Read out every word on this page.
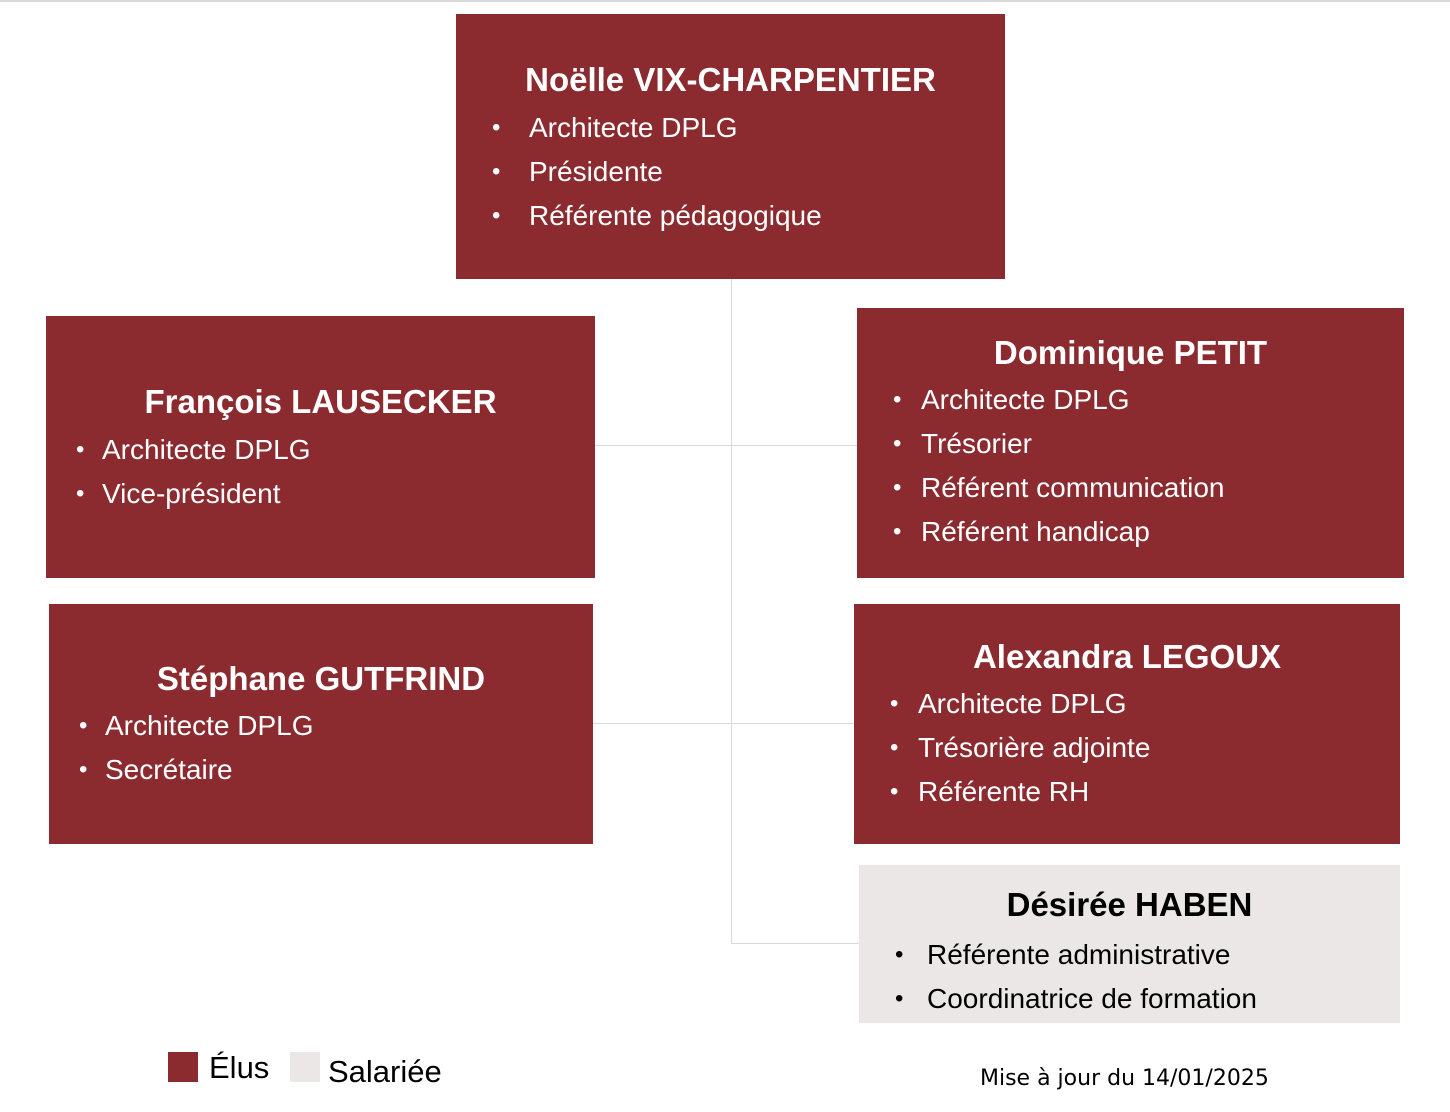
Noëlle VIX-CHARPENTIER
• Architecte DPLG
• Présidente
• Référente pédagogique
François LAUSECKER
• Architecte DPLG
• Vice-président
Dominique PETIT
• Architecte DPLG
• Trésorier
• Référent communication
• Référent handicap
Stéphane GUTFRIND
• Architecte DPLG
• Secrétaire
Alexandra LEGOUX
• Architecte DPLG
• Trésorière adjointe
• Référente RH
Désirée HABEN
• Référente administrative
• Coordinatrice de formation
Élus Salariée	Mise à jour du 14/01/2025
